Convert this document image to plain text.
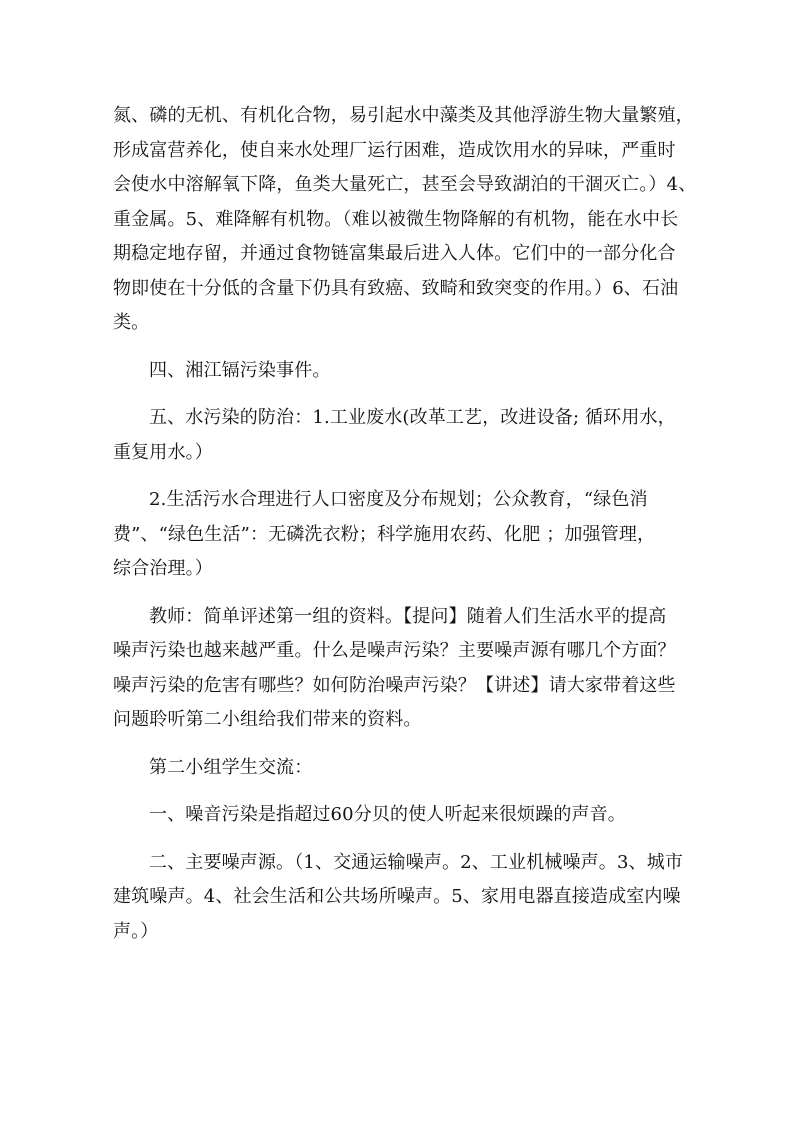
氮、磷的无机、有机化合物，易引起水中藻类及其他浮游生物大量繁殖，
形成富营养化，使自来水处理厂运行困难，造成饮用水的异味，严重时
会使水中溶解氧下降，鱼类大量死亡，甚至会导致湖泊的干涸灭亡。）4、
重金属。5、难降解有机物。（难以被微生物降解的有机物，能在水中长
期稳定地存留，并通过食物链富集最后进入人体。它们中的一部分化合
物即使在十分低的含量下仍具有致癌、致畸和致突变的作用。）6、石油
类。

四、湘江镉污染事件。

五、水污染的防治：1.工业废水(改革工艺，改进设备; 循环用水，
重复用水。）

2.生活污水合理进行人口密度及分布规划；公众教育，“绿色消
费”、“绿色生活”：无磷洗衣粉；科学施用农药、化肥 ；加强管理，
综合治理。）

教师：简单评述第一组的资料。【提问】随着人们生活水平的提高
噪声污染也越来越严重。什么是噪声污染？主要噪声源有哪几个方面？
噪声污染的危害有哪些？如何防治噪声污染？【讲述】请大家带着这些
问题聆听第二小组给我们带来的资料。

第二小组学生交流：

一、噪音污染是指超过60分贝的使人听起来很烦躁的声音。

二、主要噪声源。（1、交通运输噪声。2、工业机械噪声。3、城市
建筑噪声。4、社会生活和公共场所噪声。5、家用电器直接造成室内噪
声。）
